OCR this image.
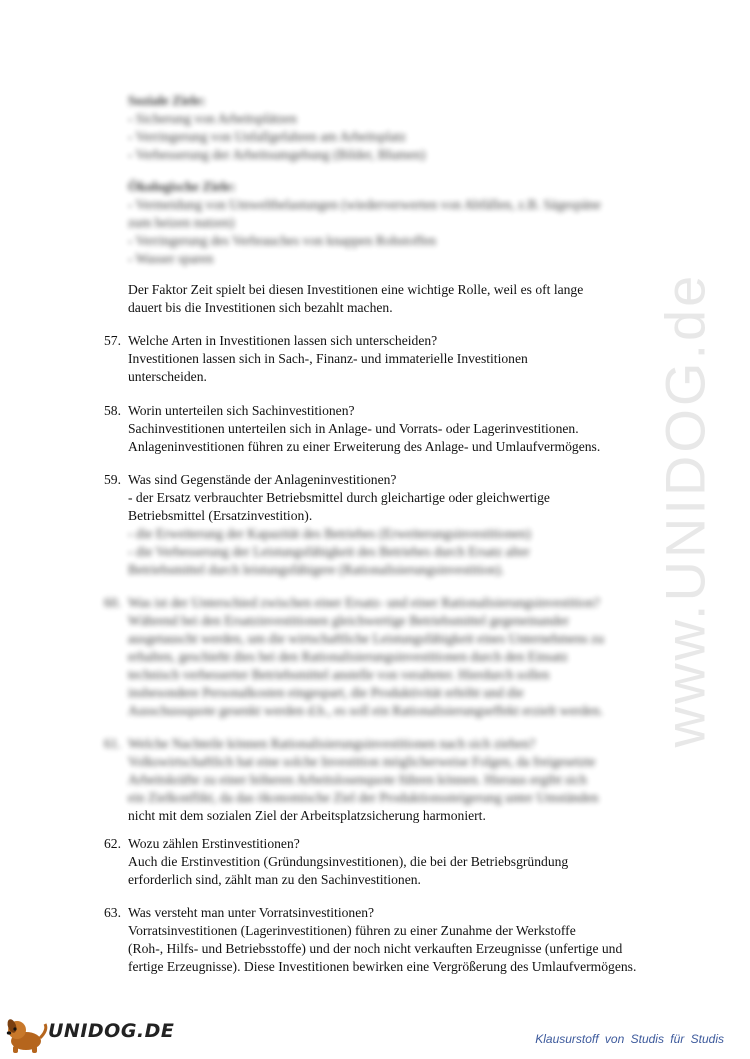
www.UNIDOG.de

Soziale Ziele:

- Sicherung von Arbeitsplätzen

- Verringerung von Unfallgefahren am Arbeitsplatz

- Verbesserung der Arbeitsumgebung (Bilder, Blumen)

Ökologische Ziele:

- Vermeidung von Umweltbelastungen (wiederverwerten von Abfällen, z.B. Sägespäne

zum heizen nutzen)

- Verringerung des Verbrauches von knappen Rohstoffen

- Wasser sparen

Der Faktor Zeit spielt bei diesen Investitionen eine wichtige Rolle, weil es oft lange

dauert bis die Investitionen sich bezahlt machen.

57. Welche Arten in Investitionen lassen sich unterscheiden?

Investitionen lassen sich in Sach-, Finanz- und immaterielle Investitionen

unterscheiden.

58. Worin unterteilen sich Sachinvestitionen?

Sachinvestitionen unterteilen sich in Anlage- und Vorrats- oder Lagerinvestitionen.

Anlageninvestitionen führen zu einer Erweiterung des Anlage- und Umlaufvermögens.

59. Was sind Gegenstände der Anlageninvestitionen?

- der Ersatz verbrauchter Betriebsmittel durch gleichartige oder gleichwertige

Betriebsmittel (Ersatzinvestition).

- die Erweiterung der Kapazität des Betriebes (Erweiterungsinvestitionen)

- die Verbesserung der Leistungsfähigkeit des Betriebes durch Ersatz alter

Betriebsmittel durch leistungsfähigere (Rationalisierungsinvestition).

60. Was ist der Unterschied zwischen einer Ersatz- und einer Rationalisierungsinvestition?

Während bei den Ersatzinvestitionen gleichwertige Betriebsmittel gegeneinander

ausgetauscht werden, um die wirtschaftliche Leistungsfähigkeit eines Unternehmens zu

erhalten, geschieht dies bei den Rationalisierungsinvestitionen durch den Einsatz

technisch verbesserter Betriebsmittel anstelle von veralteter. Hierdurch sollen

insbesondere Personalkosten eingespart, die Produktivität erhöht und die

Ausschussquote gesenkt werden d.h., es soll ein Rationalisierungseffekt erzielt werden.

61. Welche Nachteile können Rationalisierungsinvestitionen nach sich ziehen?

Volkswirtschaftlich hat eine solche Investition möglicherweise Folgen, da freigesetzte

Arbeitskräfte zu einer höheren Arbeitslosenquote führen können. Hieraus ergibt sich

ein Zielkonflikt, da das ökonomische Ziel der Produktionssteigerung unter Umständen

nicht mit dem sozialen Ziel der Arbeitsplatzsicherung harmoniert.

62. Wozu zählen Erstinvestitionen?

Auch die Erstinvestition (Gründungsinvestitionen), die bei der Betriebsgründung

erforderlich sind, zählt man zu den Sachinvestitionen.

63. Was versteht man unter Vorratsinvestitionen?

Vorratsinvestitionen (Lagerinvestitionen) führen zu einer Zunahme der Werkstoffe

(Roh-, Hilfs- und Betriebsstoffe) und der noch nicht verkauften Erzeugnisse (unfertige und

fertige Erzeugnisse). Diese Investitionen bewirken eine Vergrößerung des Umlaufvermögens.

UNIDOG.DE	Klausurstoff von Studis für Studis
